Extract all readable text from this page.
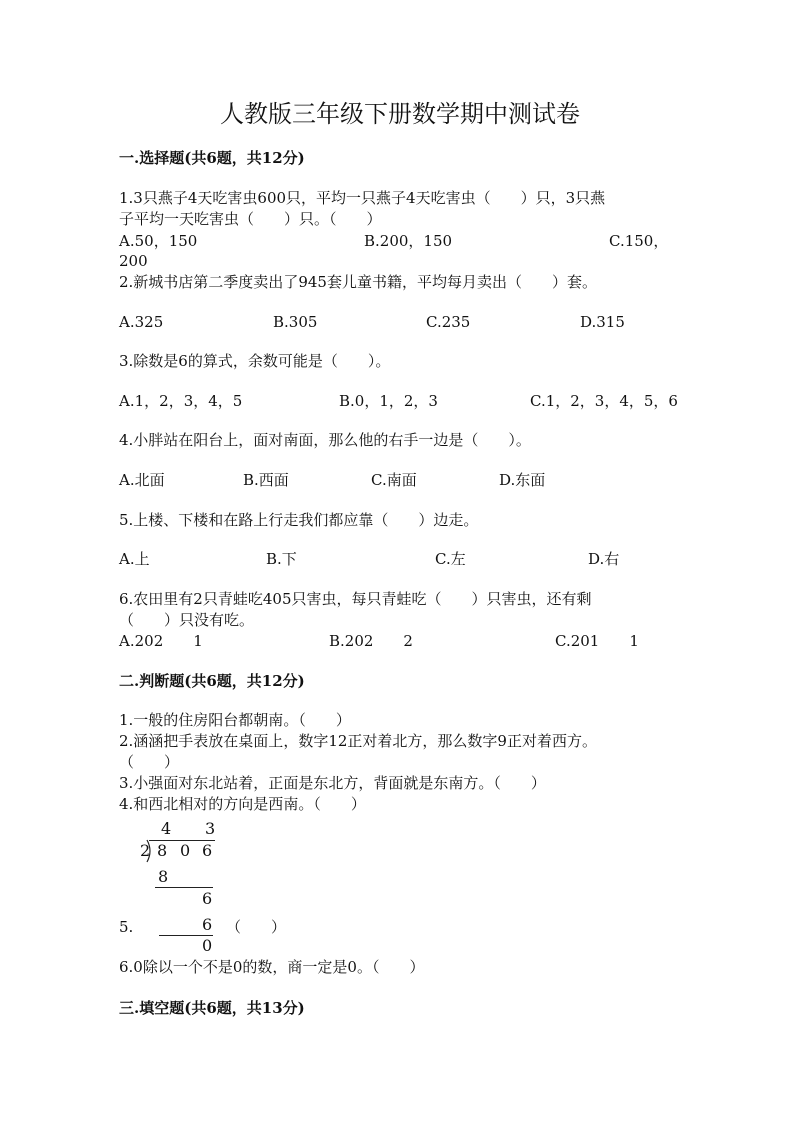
人教版三年级下册数学期中测试卷
一.选择题(共6题，共12分)
1.3只燕子4天吃害虫600只，平均一只燕子4天吃害虫（　　）只，3只燕
子平均一天吃害虫（　　）只。（　　）
A.50，150	B.200，150	C.150，
200
2.新城书店第二季度卖出了945套儿童书籍，平均每月卖出（　　）套。
A.325	B.305	C.235	D.315
3.除数是6的算式，余数可能是（　　）。
A.1，2，3，4，5	B.0，1，2，3	C.1，2，3，4，5，6
4.小胖站在阳台上，面对南面，那么他的右手一边是（　　）。
A.北面	B.西面	C.南面	D.东面
5.上楼、下楼和在路上行走我们都应靠（　　）边走。
A.上	B.下	C.左	D.右
6.农田里有2只青蛙吃405只害虫，每只青蛙吃（　　）只害虫，还有剩
（　　）只没有吃。
A.202　　1	B.202　　2	C.201　　1
二.判断题(共6题，共12分)
1.一般的住房阳台都朝南。（　　）
2.涵涵把手表放在桌面上，数字12正对着北方，那么数字9正对着西方。
（　　）
3.小强面对东北站着，正面是东北方，背面就是东南方。（　　）
4.和西北相对的方向是西南。（　　）
4 3
2 8 0 6
8
6
6
0
5.	（　　）
6.0除以一个不是0的数，商一定是0。（　　）
三.填空题(共6题，共13分)
